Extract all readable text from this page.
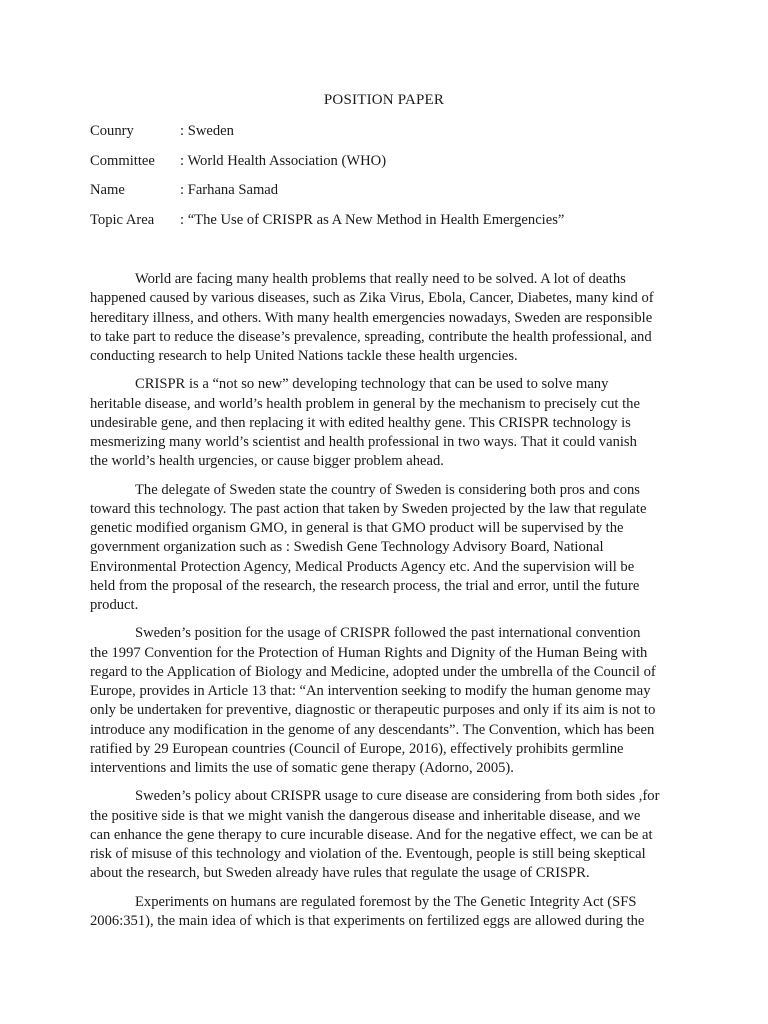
POSITION PAPER
Counry	: Sweden
Committee : World Health Association (WHO)
Name	: Farhana Samad
Topic Area : “The Use of CRISPR as A New Method in Health Emergencies”

World are facing many health problems that really need to be solved. A lot of deaths
happened caused by various diseases, such as Zika Virus, Ebola, Cancer, Diabetes, many kind of
hereditary illness, and others. With many health emergencies nowadays, Sweden are responsible
to take part to reduce the disease’s prevalence, spreading, contribute the health professional, and
conducting research to help United Nations tackle these health urgencies.

CRISPR is a “not so new” developing technology that can be used to solve many
heritable disease, and world’s health problem in general by the mechanism to precisely cut the
undesirable gene, and then replacing it with edited healthy gene. This CRISPR technology is
mesmerizing many world’s scientist and health professional in two ways. That it could vanish
the world’s health urgencies, or cause bigger problem ahead.

The delegate of Sweden state the country of Sweden is considering both pros and cons
toward this technology. The past action that taken by Sweden projected by the law that regulate
genetic modified organism GMO, in general is that GMO product will be supervised by the
government organization such as : Swedish Gene Technology Advisory Board, National
Environmental Protection Agency, Medical Products Agency etc. And the supervision will be
held from the proposal of the research, the research process, the trial and error, until the future
product.

Sweden’s position for the usage of CRISPR followed the past international convention
the 1997 Convention for the Protection of Human Rights and Dignity of the Human Being with
regard to the Application of Biology and Medicine, adopted under the umbrella of the Council of
Europe, provides in Article 13 that: “An intervention seeking to modify the human genome may
only be undertaken for preventive, diagnostic or therapeutic purposes and only if its aim is not to
introduce any modification in the genome of any descendants”. The Convention, which has been
ratified by 29 European countries (Council of Europe, 2016), effectively prohibits germline
interventions and limits the use of somatic gene therapy (Adorno, 2005).

Sweden’s policy about CRISPR usage to cure disease are considering from both sides ,for
the positive side is that we might vanish the dangerous disease and inheritable disease, and we
can enhance the gene therapy to cure incurable disease. And for the negative effect, we can be at
risk of misuse of this technology and violation of the. Eventough, people is still being skeptical
about the research, but Sweden already have rules that regulate the usage of CRISPR.

Experiments on humans are regulated foremost by the The Genetic Integrity Act (SFS
2006:351), the main idea of which is that experiments on fertilized eggs are allowed during the
